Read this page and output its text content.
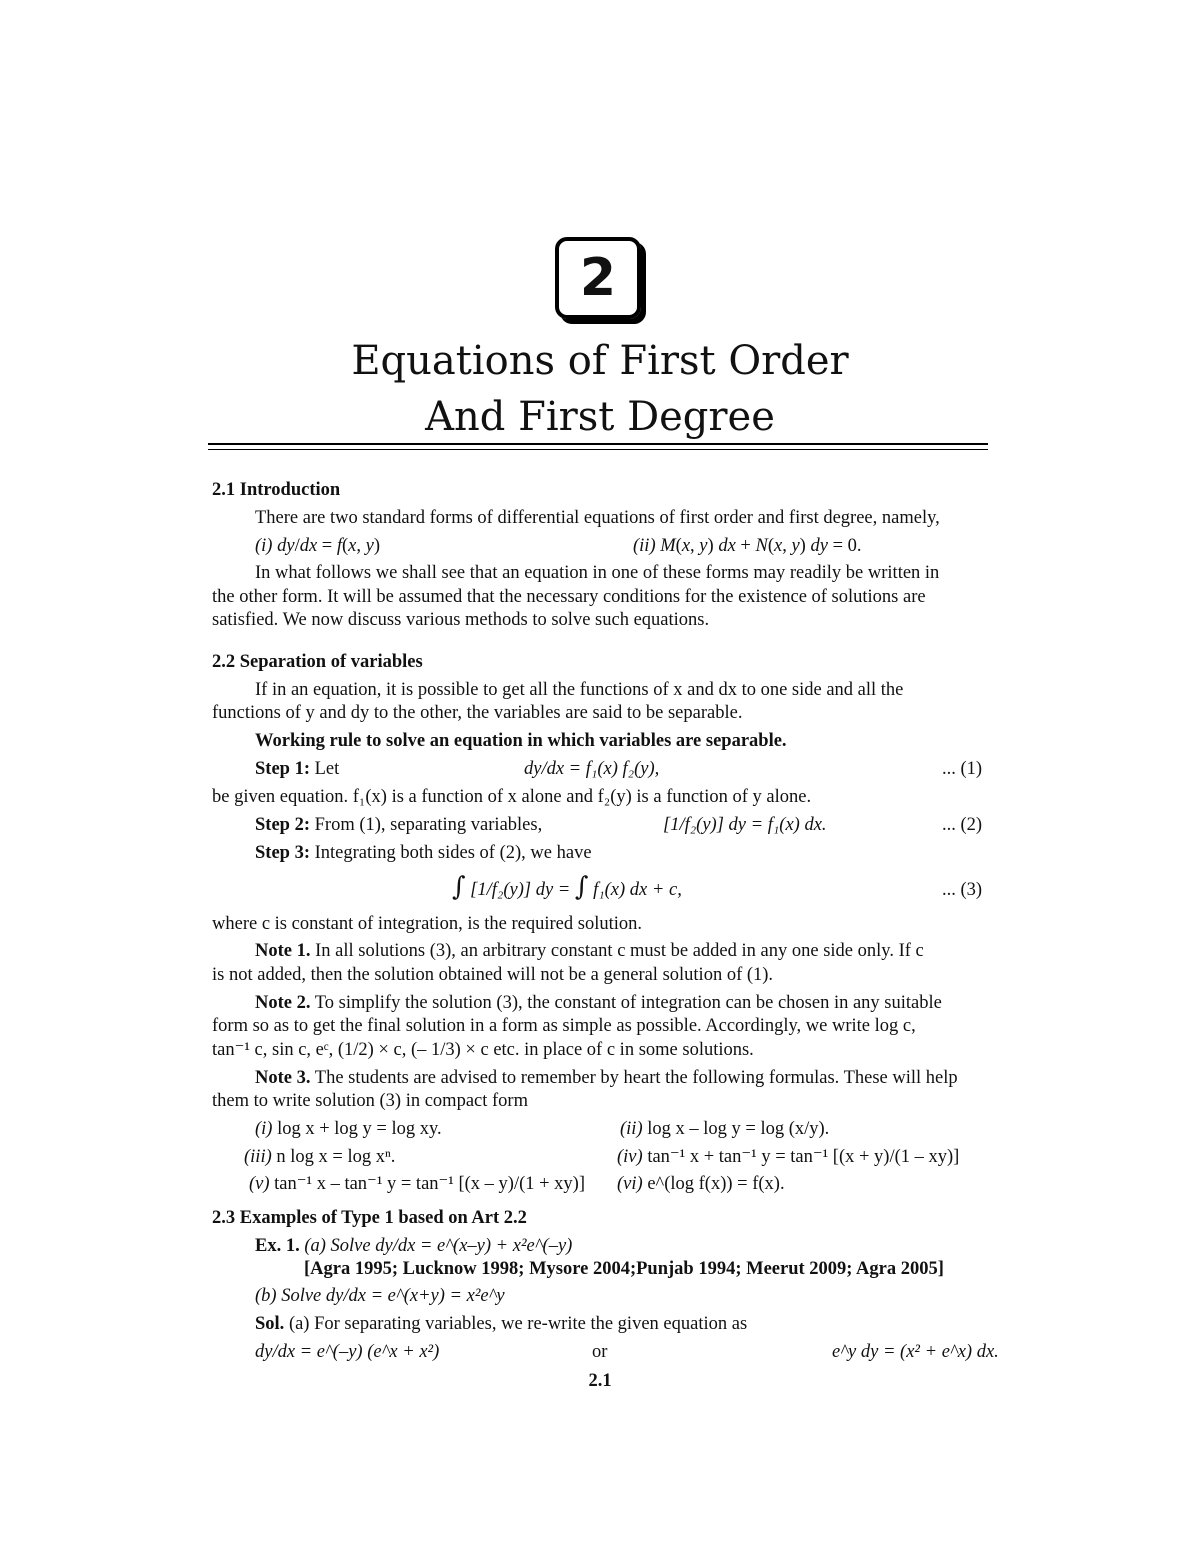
2
Equations of First Order
And First Degree
2.1 Introduction
There are two standard forms of differential equations of first order and first degree, namely,
(i) dy/dx = f(x, y)	(ii) M(x, y) dx + N(x, y) dy = 0.
In what follows we shall see that an equation in one of these forms may readily be written in
the other form. It will be assumed that the necessary conditions for the existence of solutions are
satisfied. We now discuss various methods to solve such equations.
2.2 Separation of variables
If in an equation, it is possible to get all the functions of x and dx to one side and all the
functions of y and dy to the other, the variables are said to be separable.
Working rule to solve an equation in which variables are separable.
Step 1: Let	dy/dx = f₁(x) f₂(y),	... (1)
be given equation. f₁(x) is a function of x alone and f₂(y) is a function of y alone.
Step 2: From (1), separating variables,	[1/f₂(y)] dy = f₁(x) dx.	... (2)
Step 3: Integrating both sides of (2), we have
∫ [1/f₂(y)] dy = ∫ f₁(x) dx + c,	... (3)
where c is constant of integration, is the required solution.
Note 1. In all solutions (3), an arbitrary constant c must be added in any one side only. If c
is not added, then the solution obtained will not be a general solution of (1).
Note 2. To simplify the solution (3), the constant of integration can be chosen in any suitable
form so as to get the final solution in a form as simple as possible. Accordingly, we write log c,
tan⁻¹ c, sin c, eᶜ, (1/2) × c, (– 1/3) × c etc. in place of c in some solutions.
Note 3. The students are advised to remember by heart the following formulas. These will help
them to write solution (3) in compact form
(i) log x + log y = log xy.	(ii) log x – log y = log (x/y).
(iii) n log x = log xⁿ.	(iv) tan⁻¹ x + tan⁻¹ y = tan⁻¹ [(x + y)/(1 – xy)]
(v) tan⁻¹ x – tan⁻¹ y = tan⁻¹ [(x – y)/(1 + xy)] (vi) e^(log f(x)) = f(x).
2.3 Examples of Type 1 based on Art 2.2
Ex. 1. (a) Solve dy/dx = e^(x–y) + x²e^(–y)
[Agra 1995; Lucknow 1998; Mysore 2004;Punjab 1994; Meerut 2009; Agra 2005]
(b) Solve dy/dx = e^(x+y) = x²e^y
Sol. (a) For separating variables, we re-write the given equation as
dy/dx = e^(–y) (e^x + x²)	or	e^y dy = (x² + e^x) dx.
2.1
